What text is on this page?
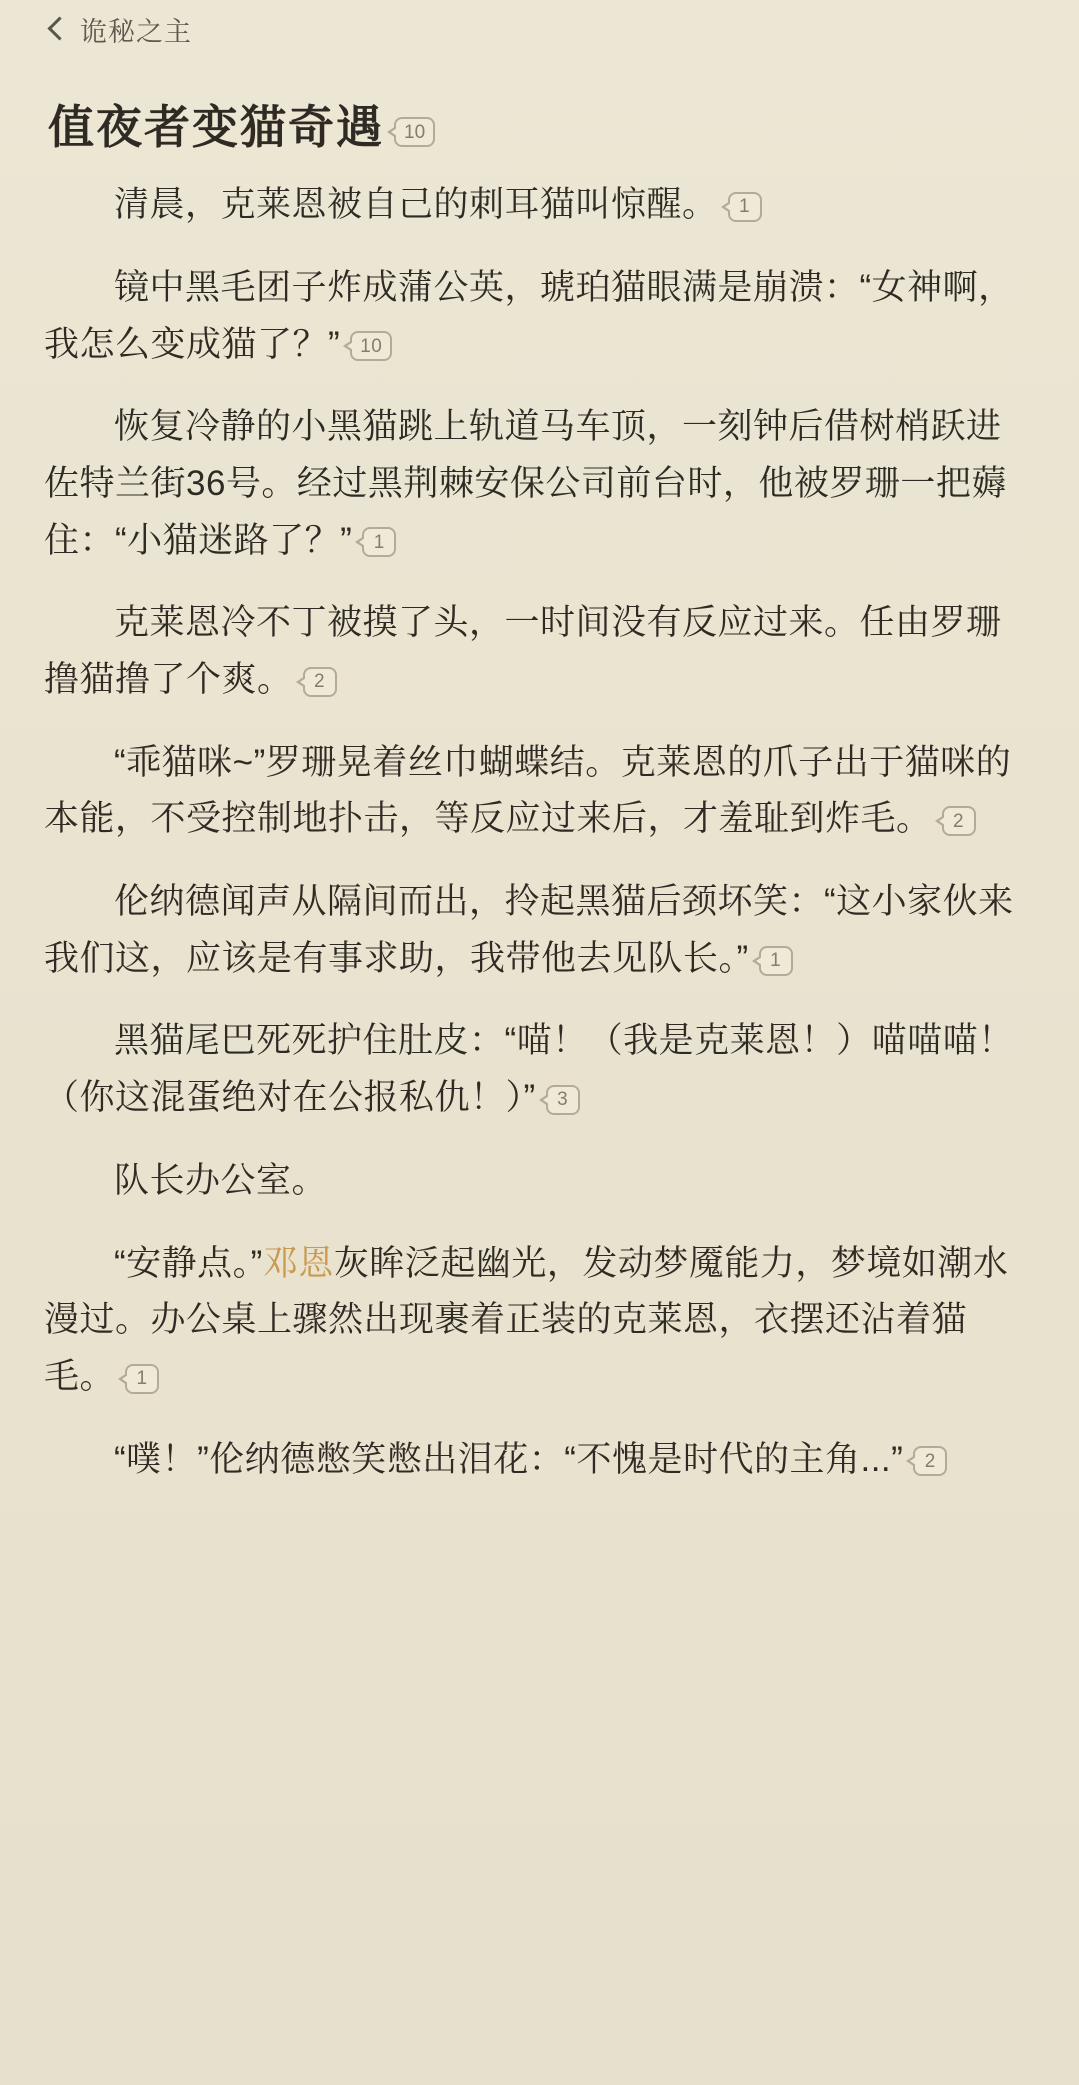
诡秘之主
值夜者变猫奇遇	10

清晨，克莱恩被自己的刺耳猫叫惊醒。 1

镜中黑毛团子炸成蒲公英，琥珀猫眼满是崩溃：“女神啊，我怎么变成猫了？” 10

恢复冷静的小黑猫跳上轨道马车顶，一刻钟后借树梢跃进佐特兰街36号。经过黑荆棘安保公司前台时，他被罗珊一把薅住：“小猫迷路了？” 1

克莱恩冷不丁被摸了头，一时间没有反应过来。任由罗珊撸猫撸了个爽。 2

“乖猫咪~”罗珊晃着丝巾蝴蝶结。克莱恩的爪子出于猫咪的本能，不受控制地扑击，等反应过来后，才羞耻到炸毛。 2

伦纳德闻声从隔间而出，拎起黑猫后颈坏笑：“这小家伙来我们这，应该是有事求助，我带他去见队长。” 1

黑猫尾巴死死护住肚皮：“喵！（我是克莱恩！）喵喵喵！（你这混蛋绝对在公报私仇！）” 3

队长办公室。

“安静点。”邓恩灰眸泛起幽光，发动梦魇能力，梦境如潮水漫过。办公桌上骤然出现裹着正装的克莱恩，衣摆还沾着猫毛。 1

“噗！”伦纳德憋笑憋出泪花：“不愧是时代的主角...” 2
